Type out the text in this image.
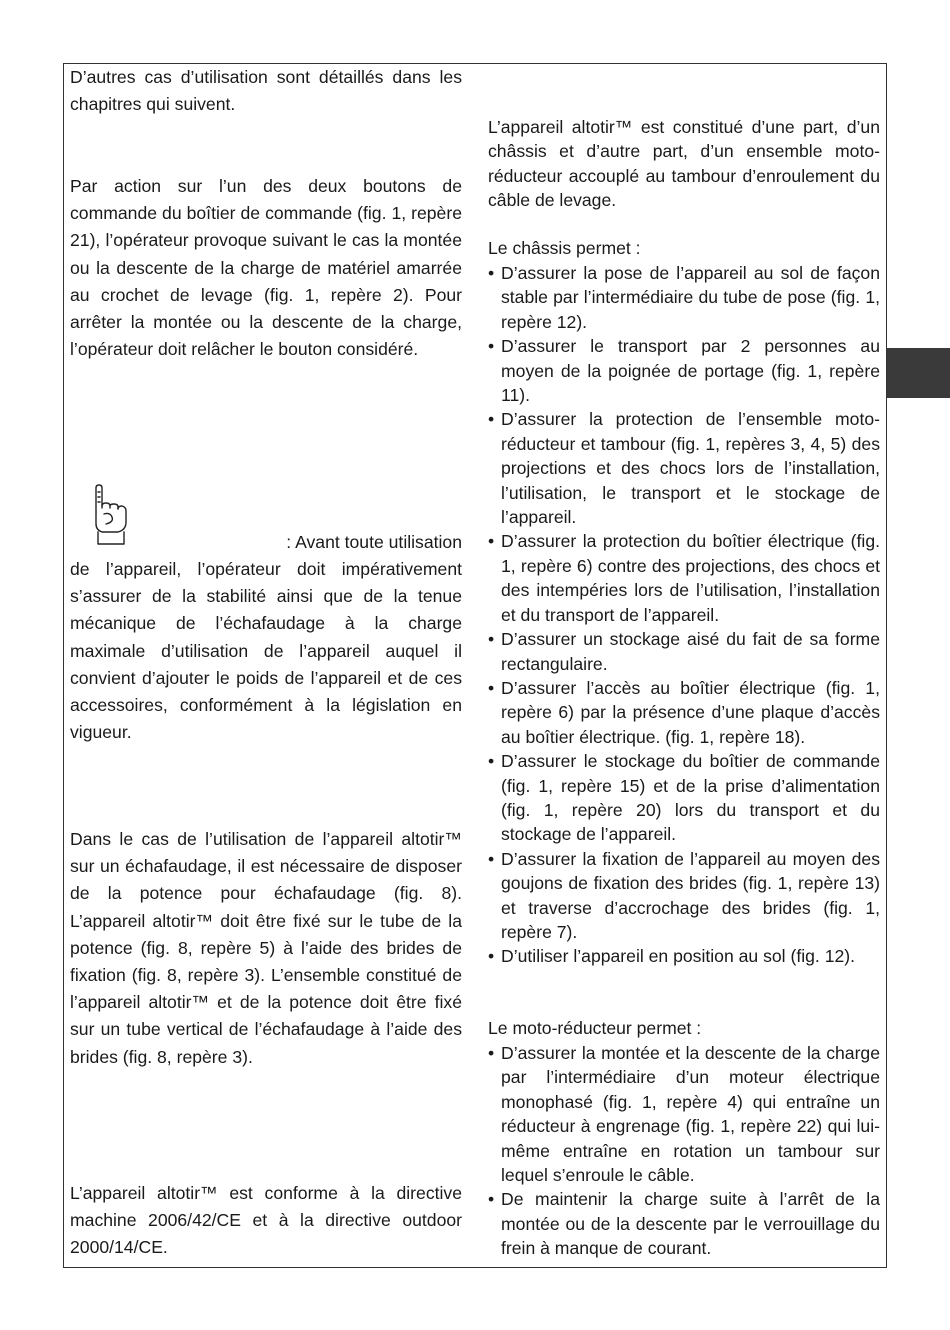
D’autres cas d’utilisation sont détaillés dans les chapitres qui suivent.

Par action sur l’un des deux boutons de commande du boîtier de commande (fig. 1, repère 21), l’opérateur provoque suivant le cas la montée ou la descente de la charge de matériel amarrée au crochet de levage (fig. 1, repère 2). Pour arrêter la montée ou la descente de la charge, l’opérateur doit relâcher le bouton considéré.

: Avant toute utilisation

de l’appareil, l’opérateur doit impérativement s’assurer de la stabilité ainsi que de la tenue mécanique de l’échafaudage à la charge maximale d’utilisation de l’appareil auquel il convient d’ajouter le poids de l’appareil et de ces accessoires, conformément à la législation en vigueur.

Dans le cas de l’utilisation de l’appareil altotir™ sur un échafaudage, il est nécessaire de disposer de la potence pour échafaudage (fig. 8). L’appareil altotir™ doit être fixé sur le tube de la potence (fig. 8, repère 5) à l’aide des brides de fixation (fig. 8, repère 3). L’ensemble constitué de l’appareil altotir™ et de la potence doit être fixé sur un tube vertical de l’échafaudage à l’aide des brides (fig. 8, repère 3).

L’appareil altotir™ est conforme à la directive machine 2006/42/CE et à la directive outdoor 2000/14/CE.

L’appareil altotir™ est constitué d’une part, d’un châssis et d’autre part, d’un ensemble moto-réducteur accouplé au tambour d’enroulement du câble de levage.

Le châssis permet :

• D’assurer la pose de l’appareil au sol de façon stable par l’intermédiaire du tube de pose (fig. 1, repère 12).
• D’assurer le transport par 2 personnes au moyen de la poignée de portage (fig. 1, repère 11).
• D’assurer la protection de l’ensemble moto-réducteur et tambour (fig. 1, repères 3, 4, 5) des projections et des chocs lors de l’installation, l’utilisation, le transport et le stockage de l’appareil.
• D’assurer la protection du boîtier électrique (fig. 1, repère 6) contre des projections, des chocs et des intempéries lors de l’utilisation, l’installation et du transport de l’appareil.
• D’assurer un stockage aisé du fait de sa forme rectangulaire.
• D’assurer l’accès au boîtier électrique (fig. 1, repère 6) par la présence d’une plaque d’accès au boîtier électrique. (fig. 1, repère 18).
• D’assurer le stockage du boîtier de commande (fig. 1, repère 15) et de la prise d’alimentation (fig. 1, repère 20) lors du transport et du stockage de l’appareil.
• D’assurer la fixation de l’appareil au moyen des goujons de fixation des brides (fig. 1, repère 13) et traverse d’accrochage des brides (fig. 1, repère 7).
• D’utiliser l’appareil en position au sol (fig. 12).

Le moto-réducteur permet :

• D’assurer la montée et la descente de la charge par l’intermédiaire d’un moteur électrique monophasé (fig. 1, repère 4) qui entraîne un réducteur à engrenage (fig. 1, repère 22) qui lui-même entraîne en rotation un tambour sur lequel s’enroule le câble.
• De maintenir la charge suite à l’arrêt de la montée ou de la descente par le verrouillage du frein à manque de courant.
